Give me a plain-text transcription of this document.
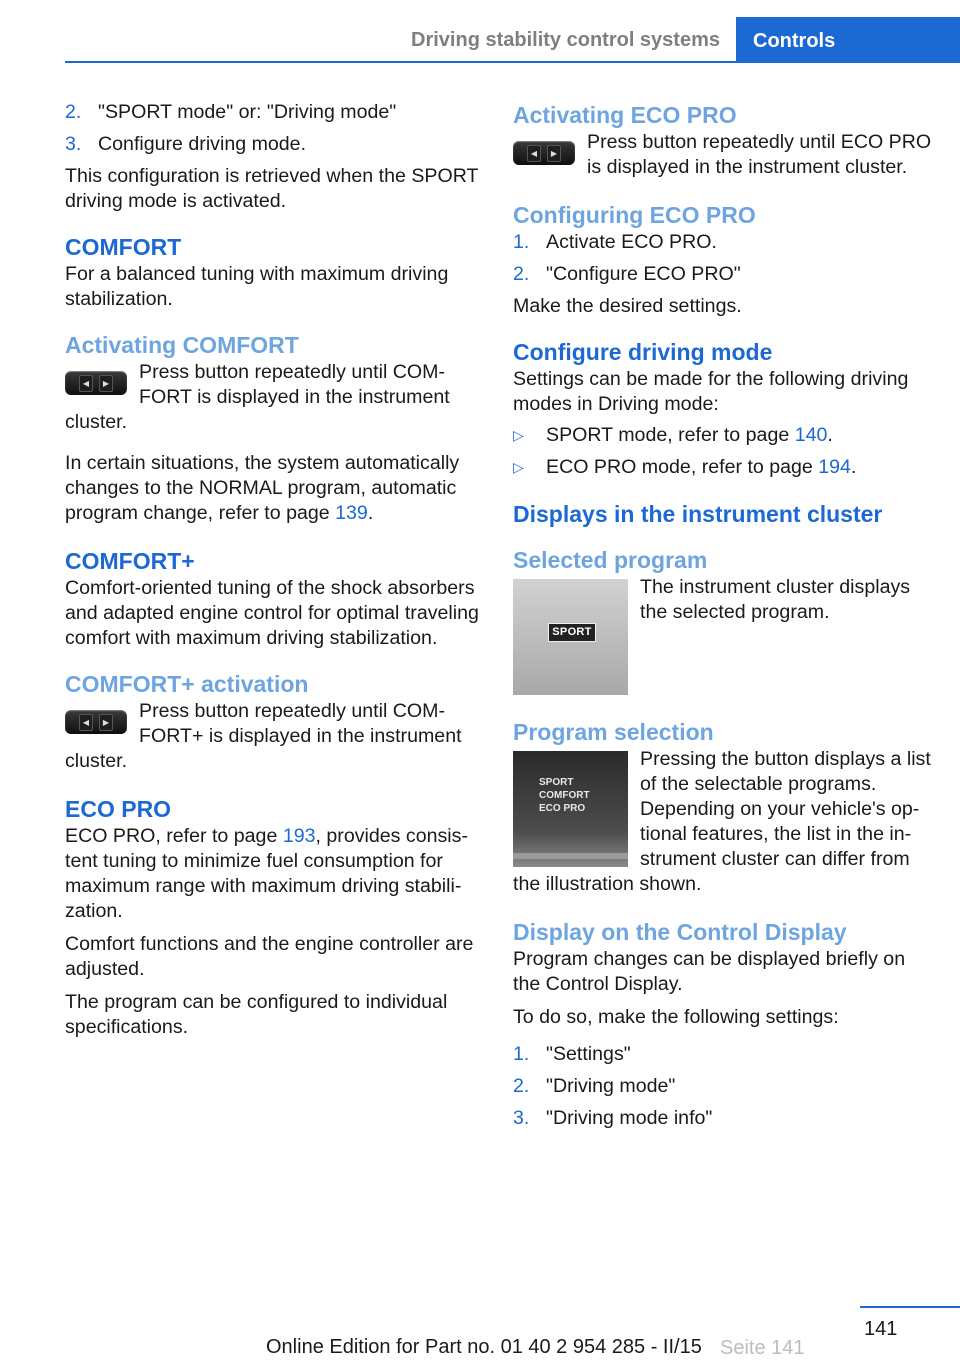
Driving stability control systems	Controls
2. "SPORT mode" or: "Driving mode"
3. Configure driving mode.

This configuration is retrieved when the SPORT driving mode is activated.

COMFORT

For a balanced tuning with maximum driving stabilization.

Activating COMFORT
◀	▶

Press button repeatedly until COMFORT is displayed in the instrument cluster.

In certain situations, the system automatically changes to the NORMAL program, automatic program change, refer to page 139.

COMFORT+

Comfort-oriented tuning of the shock absorbers and adapted engine control for optimal traveling comfort with maximum driving stabilization.

COMFORT+ activation
◀	▶

Press button repeatedly until COMFORT+ is displayed in the instrument cluster.

ECO PRO

ECO PRO, refer to page 193, provides consistent tuning to minimize fuel consumption for maximum range with maximum driving stabilization.

Comfort functions and the engine controller are adjusted.

The program can be configured to individual specifications.

Activating ECO PRO
◀	▶

Press button repeatedly until ECO PRO is displayed in the instrument cluster.

Configuring ECO PRO
1. Activate ECO PRO.
2. "Configure ECO PRO"

Make the desired settings.

Configure driving mode

Settings can be made for the following driving modes in Driving mode:

▷	SPORT mode, refer to page 140.
▷	ECO PRO mode, refer to page 194.
Displays in the instrument cluster
Selected program
SPORT

The instrument cluster displays the selected program.

Program selection
SPORT
COMFORT
ECO PRO

Pressing the button displays a list of the selectable programs. Depending on your vehicle's optional features, the list in the instrument cluster can differ from the illustration shown.

Display on the Control Display

Program changes can be displayed briefly on the Control Display.

To do so, make the following settings:

1. "Settings"
2. "Driving mode"
3. "Driving mode info"
141
Online Edition for Part no. 01 40 2 954 285 - II/15 Seite 141
